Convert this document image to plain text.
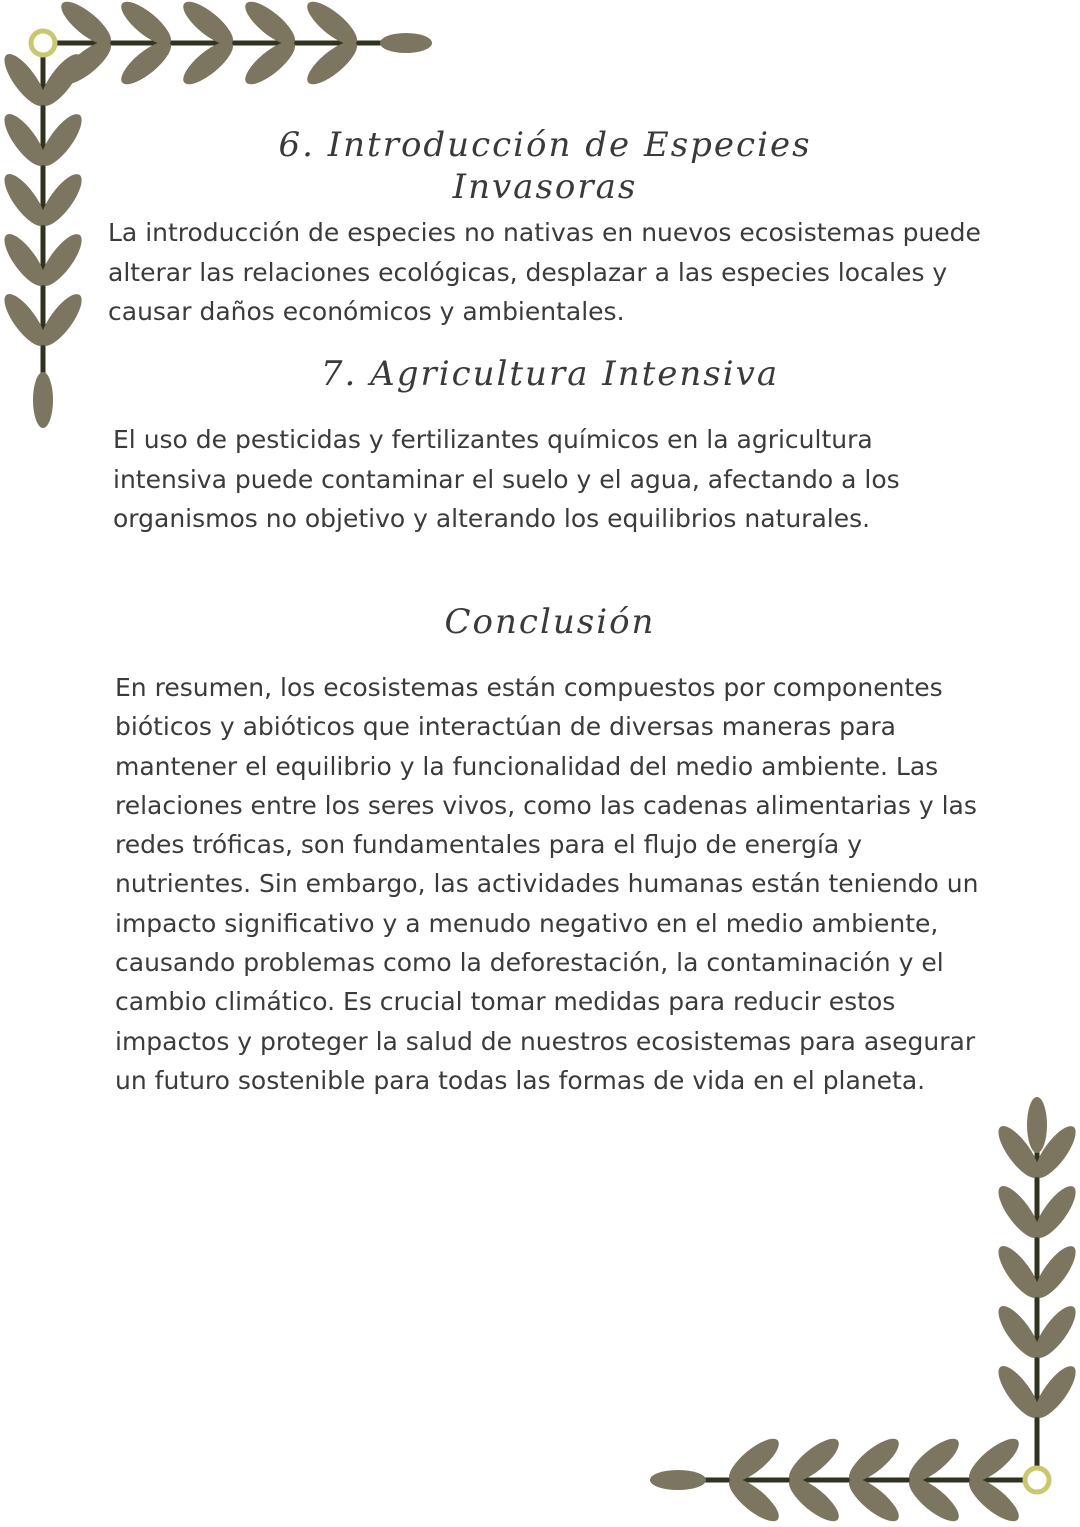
6. Introducción de Especies
Invasoras

La introducción de especies no nativas en nuevos ecosistemas puede alterar las relaciones ecológicas, desplazar a las especies locales y causar daños económicos y ambientales.

7. Agricultura Intensiva

El uso de pesticidas y fertilizantes químicos en la agricultura intensiva puede contaminar el suelo y el agua, afectando a los organismos no objetivo y alterando los equilibrios naturales.

Conclusión

En resumen, los ecosistemas están compuestos por componentes bióticos y abióticos que interactúan de diversas maneras para mantener el equilibrio y la funcionalidad del medio ambiente. Las relaciones entre los seres vivos, como las cadenas alimentarias y las redes tróficas, son fundamentales para el flujo de energía y nutrientes. Sin embargo, las actividades humanas están teniendo un impacto significativo y a menudo negativo en el medio ambiente, causando problemas como la deforestación, la contaminación y el cambio climático. Es crucial tomar medidas para reducir estos impactos y proteger la salud de nuestros ecosistemas para asegurar un futuro sostenible para todas las formas de vida en el planeta.
